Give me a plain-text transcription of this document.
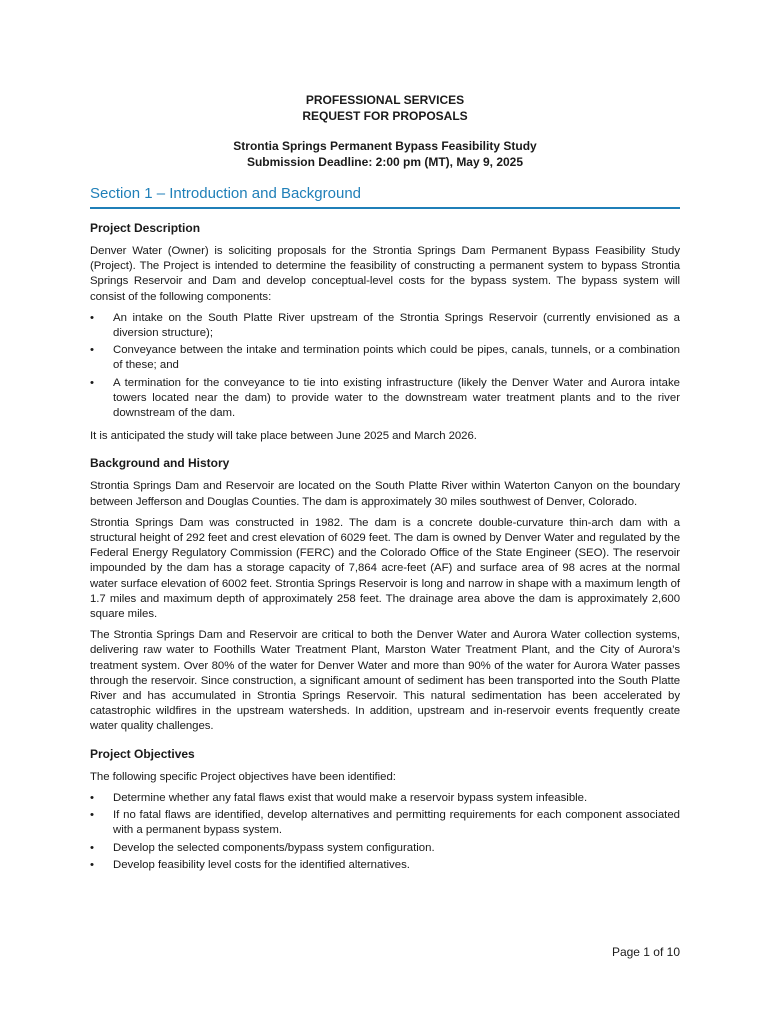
PROFESSIONAL SERVICES
REQUEST FOR PROPOSALS
Strontia Springs Permanent Bypass Feasibility Study
Submission Deadline: 2:00 pm (MT), May 9, 2025
Section 1 – Introduction and Background
Project Description

Denver Water (Owner) is soliciting proposals for the Strontia Springs Dam Permanent Bypass Feasibility Study (Project). The Project is intended to determine the feasibility of constructing a permanent system to bypass Strontia Springs Reservoir and Dam and develop conceptual-level costs for the bypass system. The bypass system will consist of the following components:

• An intake on the South Platte River upstream of the Strontia Springs Reservoir (currently envisioned as a diversion structure);
• Conveyance between the intake and termination points which could be pipes, canals, tunnels, or a combination of these; and
• A termination for the conveyance to tie into existing infrastructure (likely the Denver Water and Aurora intake towers located near the dam) to provide water to the downstream water treatment plants and to the river downstream of the dam.

It is anticipated the study will take place between June 2025 and March 2026.

Background and History

Strontia Springs Dam and Reservoir are located on the South Platte River within Waterton Canyon on the boundary between Jefferson and Douglas Counties. The dam is approximately 30 miles southwest of Denver, Colorado.

Strontia Springs Dam was constructed in 1982. The dam is a concrete double-curvature thin-arch dam with a structural height of 292 feet and crest elevation of 6029 feet. The dam is owned by Denver Water and regulated by the Federal Energy Regulatory Commission (FERC) and the Colorado Office of the State Engineer (SEO). The reservoir impounded by the dam has a storage capacity of 7,864 acre-feet (AF) and surface area of 98 acres at the normal water surface elevation of 6002 feet. Strontia Springs Reservoir is long and narrow in shape with a maximum length of 1.7 miles and maximum depth of approximately 258 feet. The drainage area above the dam is approximately 2,600 square miles.

The Strontia Springs Dam and Reservoir are critical to both the Denver Water and Aurora Water collection systems, delivering raw water to Foothills Water Treatment Plant, Marston Water Treatment Plant, and the City of Aurora’s treatment system. Over 80% of the water for Denver Water and more than 90% of the water for Aurora Water passes through the reservoir. Since construction, a significant amount of sediment has been transported into the South Platte River and has accumulated in Strontia Springs Reservoir. This natural sedimentation has been accelerated by catastrophic wildfires in the upstream watersheds. In addition, upstream and in-reservoir events frequently create water quality challenges.

Project Objectives

The following specific Project objectives have been identified:

• Determine whether any fatal flaws exist that would make a reservoir bypass system infeasible.
• If no fatal flaws are identified, develop alternatives and permitting requirements for each component associated with a permanent bypass system.
• Develop the selected components/bypass system configuration.
• Develop feasibility level costs for the identified alternatives.
Page 1 of 10
